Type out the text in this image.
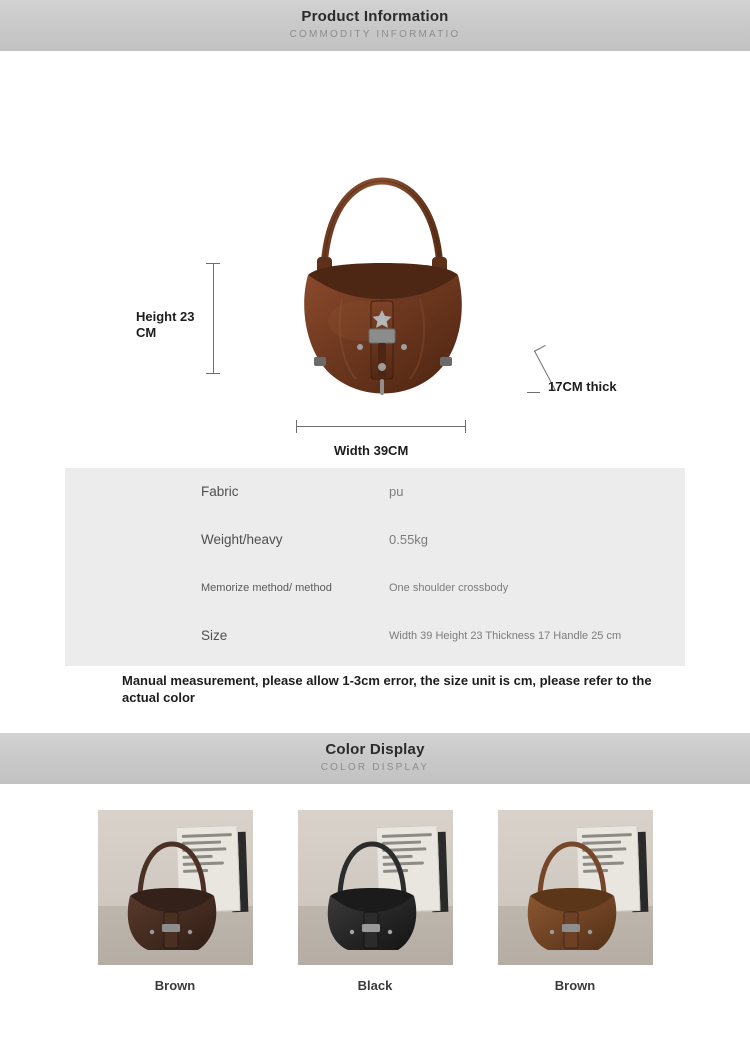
Product Information
COMMODITY INFORMATIO
Height 23 CM
Width 39CM
17CM thick
Fabric	pu
Weight/heavy	0.55kg
Memorize method/ method	One shoulder crossbody
Size	Width 39 Height 23 Thickness 17 Handle 25 cm
Manual measurement, please allow 1-3cm error, the size unit is cm, please refer to the actual color
Color Display
COLOR DISPLAY
Brown	Black	Brown
